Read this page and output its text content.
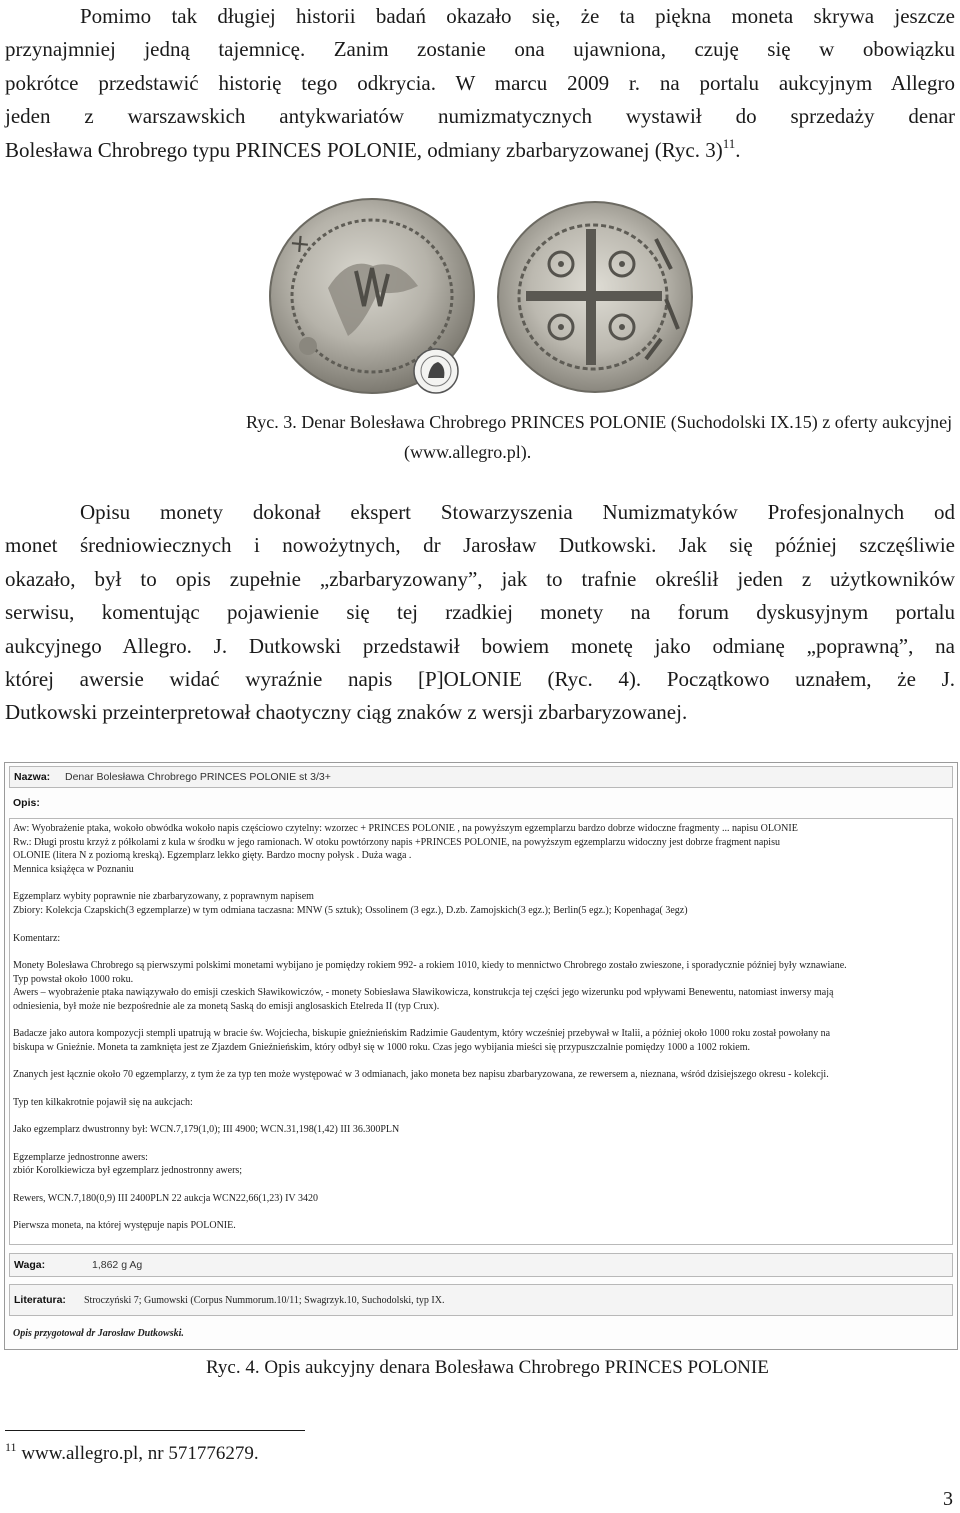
Pomimo tak długiej historii badań okazało się, że ta piękna moneta skrywa jeszcze
przynajmniej jedną tajemnicę. Zanim zostanie ona ujawniona, czuję się w obowiązku
pokrótce przedstawić historię tego odkrycia. W marcu 2009 r. na portalu aukcyjnym Allegro
jeden z warszawskich antykwariatów numizmatycznych wystawił do sprzedaży denar
Bolesława Chrobrego typu PRINCES POLONIE, odmiany zbarbaryzowanej (Ryc. 3)$^{11}$.
✕
Ryc. 3. Denar Bolesława Chrobrego PRINCES POLONIE (Suchodolski IX.15) z oferty aukcyjnej
(www.allegro.pl).
Opisu monety dokonał ekspert Stowarzyszenia Numizmatyków Profesjonalnych od
monet średniowiecznych i nowożytnych, dr Jarosław Dutkowski. Jak się później szczęśliwie
okazało, był to opis zupełnie „zbarbaryzowany”, jak to trafnie określił jeden z użytkowników
serwisu, komentując pojawienie się tej rzadkiej monety na forum dyskusyjnym portalu
aukcyjnego Allegro. J. Dutkowski przedstawił bowiem monetę jako odmianę „poprawną”, na
której awersie widać wyraźnie napis [P]OLONIE (Ryc. 4). Początkowo uznałem, że J.
Dutkowski przeinterpretował chaotyczny ciąg znaków z wersji zbarbaryzowanej.
Nazwa: Denar Bolesława Chrobrego PRINCES POLONIE st 3/3+
Opis:
Aw: Wyobrażenie ptaka, wokoło obwódka wokoło napis częściowo czytelny: wzorzec + PRINCES POLONIE , na powyższym egzemplarzu bardzo dobrze widoczne fragmenty ... napisu OLONIE
Rw.: Długi prostu krzyż z półkolami z kula w środku w jego ramionach. W otoku powtórzony napis +PRINCES POLONIE, na powyższym egzemplarzu widoczny jest dobrze fragment napisu
OLONIE (litera N z poziomą kreską). Egzemplarz lekko gięty. Bardzo mocny połysk . Duża waga .
Mennica książęca w Poznaniu
Egzemplarz wybity poprawnie nie zbarbaryzowany, z poprawnym napisem
Zbiory: Kolekcja Czapskich(3 egzemplarze) w tym odmiana taczasna: MNW (5 sztuk); Ossolinem (3 egz.), D.zb. Zamojskich(3 egz.); Berlin(5 egz.); Kopenhaga( 3egz)
Komentarz:
Monety Bolesława Chrobrego są pierwszymi polskimi monetami wybijano je pomiędzy rokiem 992- a rokiem 1010, kiedy to mennictwo Chrobrego zostało zwieszone, i sporadycznie później były wznawiane.
Typ powstał około 1000 roku.
Awers – wyobrażenie ptaka nawiązywało do emisji czeskich Sławikowiczów, - monety Sobiesława Sławikowicza, konstrukcja tej części jego wizerunku pod wpływami Benewentu, natomiast inwersy mają
odniesienia, był może nie bezpośrednie ale za monetą Saską do emisji anglosaskich Etelreda II (typ Crux).
Badacze jako autora kompozycji stempli upatrują w bracie św. Wojciecha, biskupie gnieźnieńskim Radzimie Gaudentym, który wcześniej przebywał w Italii, a później około 1000 roku został powołany na
biskupa w Gnieźnie. Moneta ta zamknięta jest ze Zjazdem Gnieźnieńskim, który odbył się w 1000 roku. Czas jego wybijania mieści się przypuszczalnie pomiędzy 1000 a 1002 rokiem.
Znanych jest łącznie około 70 egzemplarzy, z tym że za typ ten może występować w 3 odmianach, jako moneta bez napisu zbarbaryzowana, ze rewersem a, nieznana, wśród dzisiejszego okresu - kolekcji.
Typ ten kilkakrotnie pojawił się na aukcjach:
Jako egzemplarz dwustronny był: WCN.7,179(1,0); III 4900; WCN.31,198(1,42) III 36.300PLN
Egzemplarze jednostronne awers:
zbiór Korolkiewicza był egzemplarz jednostronny awers;
Rewers, WCN.7,180(0,9) III 2400PLN 22 aukcja WCN22,66(1,23) IV 3420
Pierwsza moneta, na której występuje napis POLONIE.
Waga:	1,862 g Ag
Literatura: Stroczyński 7; Gumowski (Corpus Nummorum.10/11; Swagrzyk.10, Suchodolski, typ IX.
Opis przygotował dr Jarosław Dutkowski.
Ryc. 4. Opis aukcyjny denara Bolesława Chrobrego PRINCES POLONIE
$^{11}$ www.allegro.pl, nr 571776279.
3
